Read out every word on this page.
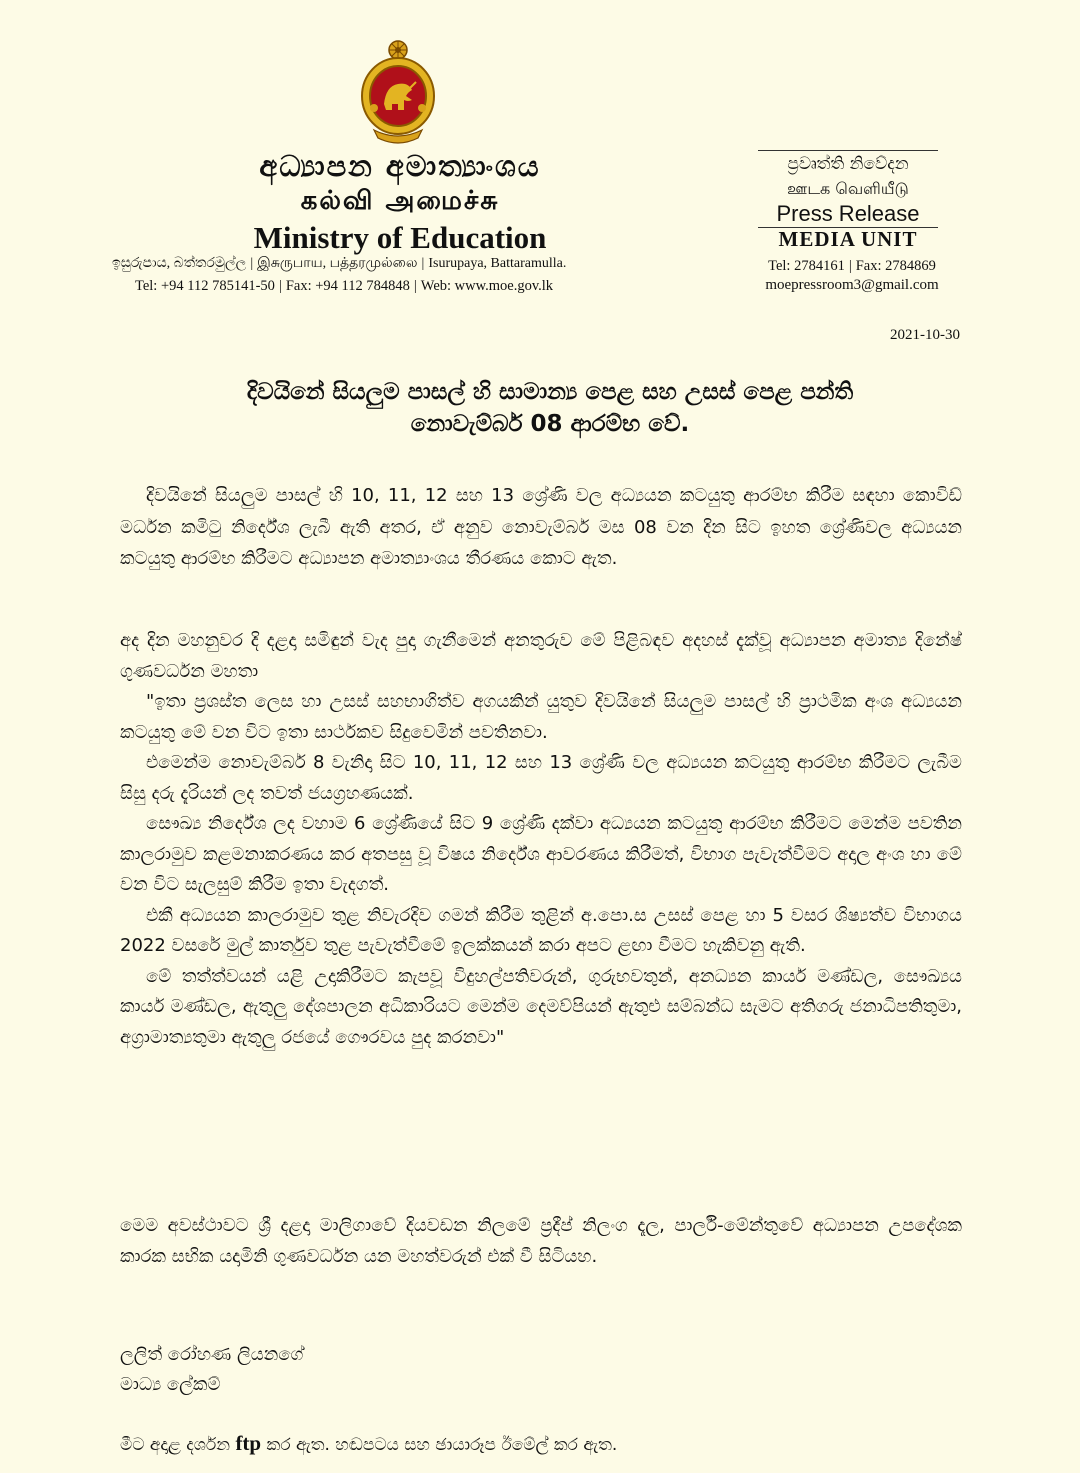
අධ්‍යාපන අමාත්‍යාංශය
கல்வி அமைச்சு
Ministry of Education
ඉසුරුපාය, බත්තරමුල්ල | இசுருபாய, பத்தரமுல்லை | Isurupaya, Battaramulla.
Tel: +94 112 785141-50 | Fax: +94 112 784848 | Web: www.moe.gov.lk
ප්‍රවෘත්ති නිවේදන
ஊடக வெளியீடு
Press Release
MEDIA UNIT
Tel: 2784161 | Fax: 2784869
moepressroom3@gmail.com
2021-10-30
දිවයිනේ සියලුම පාසල් හි සාමාන්‍ය පෙළ සහ උසස් පෙළ පන්ති
නොවැම්බර් 08 ආරම්භ වේ.
දිවයිනේ සියලුම පාසල් හි 10, 11, 12 සහ 13 ශ්‍රේණි වල අධ්‍යයන කටයුතු ආරම්භ කිරීම සඳහා කොවිඩ් මර්ධන කමිටු නිර්දේශ ලැබී ඇති අතර, ඒ අනුව නොවැම්බර් මස 08 වන දින සිට ඉහත ශ්‍රේණිවල අධ්‍යයන කටයුතු ආරම්භ කිරීමට අධ්‍යාපන අමාත්‍යාංශය තීරණය කොට ඇත.
අද දින මහනුවර දි දළදා සමිඳුන් වැද පුදා ගැනීමෙන් අනතුරුව මේ පිළිබඳව අදහස් දැක්වූ අධ්‍යාපන අමාත්‍ය දිනේෂ් ගුණවර්ධන මහතා
"ඉතා ප්‍රශස්ත ලෙස හා උසස් සහභාගිත්ව අගයකින් යුතුව දිවයිනේ සියලුම පාසල් හි ප්‍රාථමික අංශ අධ්‍යයන කටයුතු මේ වන විට ඉතා සාර්ථකව සිදුවෙමින් පවතිනවා.
එමෙන්ම නොවැම්බර් 8 වැනිදා සිට 10, 11, 12 සහ 13 ශ්‍රේණි වල අධ්‍යයන කටයුතු ආරම්භ කිරීමට ලැබීම සිසු දරු දැරියන් ලද තවත් ජයග්‍රහණයක්.
සෞඛ්‍ය නිර්දේශ ලද වහාම 6 ශ්‍රේණියේ සිට 9 ශ්‍රේණි දක්වා අධ්‍යයන කටයුතු ආරම්භ කිරීමට මෙන්ම පවතින කාලරාමුව කළමනාකරණය කර අතපසු වූ විෂය නිර්දේශ ආවරණය කිරීමත්, විභාග පැවැත්වීමට අදාල අංශ හා මේ වන විට සැලසුම් කිරීම ඉතා වැදගත්.
එකී අධ්‍යයන කාලරාමුව තුළ නිවැරදිව ගමන් කිරීම තුළින් අ.පො.ස උසස් පෙළ හා 5 වසර ශිෂ්‍යත්ව විභාගය 2022 වසරේ මුල් කාර්තුව තුළ පැවැත්වීමේ ඉලක්කයන් කරා අපට ළඟා වීමට හැකිවනු ඇති.
මේ තත්ත්වයන් යළි උදාකිරීමට කැපවූ විදුහල්පතිවරුන්, ගුරුභවතුන්, අනධ්‍යන කාර්ය මණ්ඩල, සෞඛ්‍යය කාර්ය මණ්ඩල, ඇතුලු දේශපාලන අධිකාරියට මෙන්ම දෙමව්පියන් ඇතුළු සම්බන්ධ සැමට අතිගරු ජනාධිපතිතුමා, අග්‍රාමාත්‍යතුමා ඇතුලු රජයේ ගෞරවය පුද කරනවා"
මෙම අවස්ථාවට ශ්‍රී දළදා මාලිගාවේ දියවඩන නිලමේ ප්‍රදීප් නිලංග දෑල, පාර්ලි-මේන්තුවේ අධ්‍යාපන උපදේශක කාරක සභික යදාමිනි ගුණවර්ධන යන මහත්වරුන් එක් වී සිටියහ.
ලලිත් රෝහණ ලියනගේ
මාධ්‍ය ලේකම්
මීට අදාළ දර්ශන ftp කර ඇත. හඬපටය සහ ඡායාරූප ඊමේල් කර ඇත.
